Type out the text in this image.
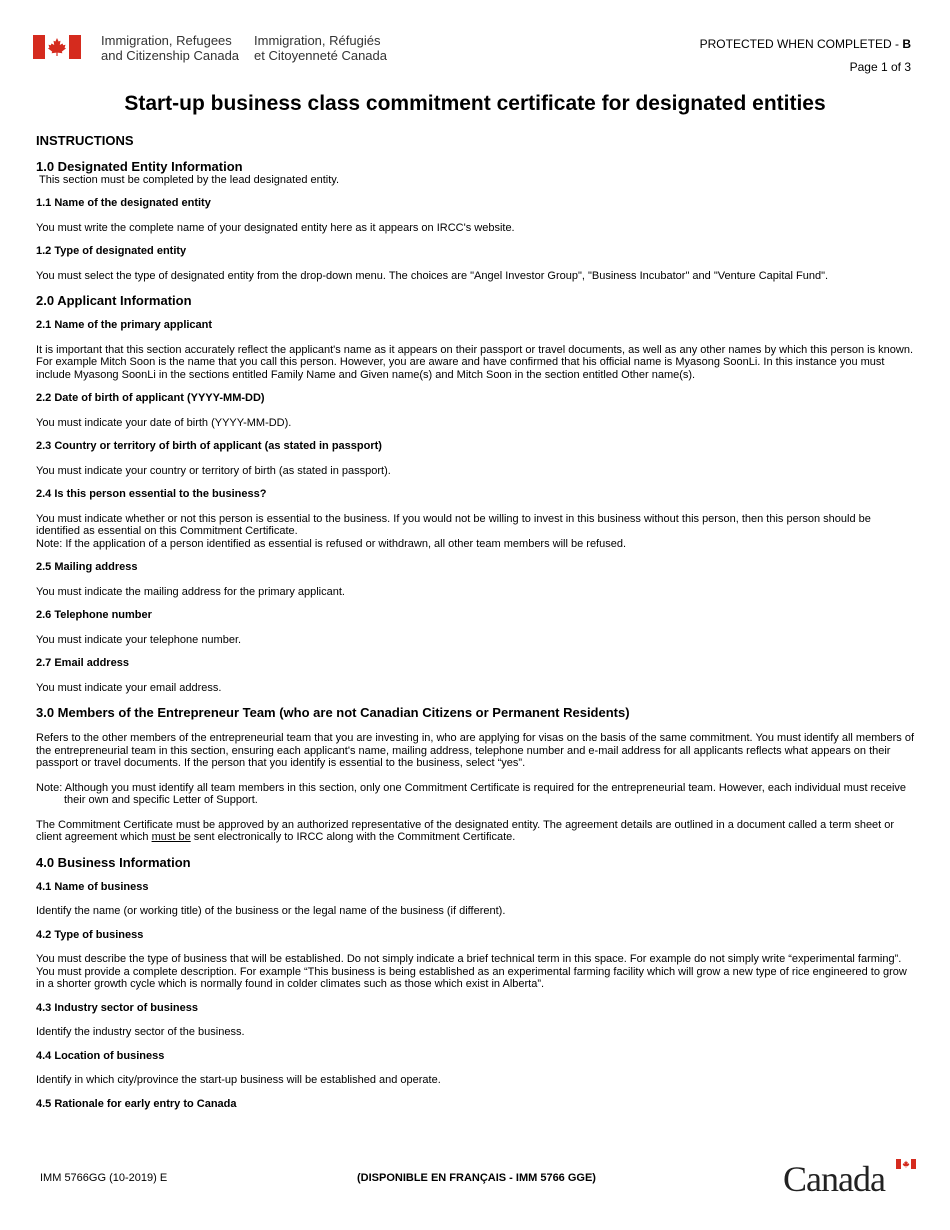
Immigration, Refugees
and Citizenship Canada
Immigration, Réfugiés
et Citoyenneté Canada
PROTECTED WHEN COMPLETED - B
Page 1 of 3
Start-up business class commitment certificate for designated entities

INSTRUCTIONS

1.0 Designated Entity Information

This section must be completed by the lead designated entity.

1.1 Name of the designated entity

You must write the complete name of your designated entity here as it appears on IRCC's website.

1.2 Type of designated entity

You must select the type of designated entity from the drop-down menu. The choices are "Angel Investor Group", "Business Incubator" and "Venture Capital Fund".

2.0 Applicant Information

2.1 Name of the primary applicant

It is important that this section accurately reflect the applicant's name as it appears on their passport or travel documents, as well as any other names by which this person is known. For example Mitch Soon is the name that you call this person. However, you are aware and have confirmed that his official name is Myasong SoonLi. In this instance you must include Myasong SoonLi in the sections entitled Family Name and Given name(s) and Mitch Soon in the section entitled Other name(s).

2.2 Date of birth of applicant (YYYY-MM-DD)

You must indicate your date of birth (YYYY-MM-DD).

2.3 Country or territory of birth of applicant (as stated in passport)

You must indicate your country or territory of birth (as stated in passport).

2.4 Is this person essential to the business?

You must indicate whether or not this person is essential to the business. If you would not be willing to invest in this business without this person, then this person should be identified as essential on this Commitment Certificate.

Note: If the application of a person identified as essential is refused or withdrawn, all other team members will be refused.

2.5 Mailing address

You must indicate the mailing address for the primary applicant.

2.6 Telephone number

You must indicate your telephone number.

2.7 Email address

You must indicate your email address.

3.0 Members of the Entrepreneur Team (who are not Canadian Citizens or Permanent Residents)

Refers to the other members of the entrepreneurial team that you are investing in, who are applying for visas on the basis of the same commitment. You must identify all members of the entrepreneurial team in this section, ensuring each applicant's name, mailing address, telephone number and e-mail address for all applicants reflects what appears on their passport or travel documents. If the person that you identify is essential to the business, select “yes”.

Note: Although you must identify all team members in this section, only one Commitment Certificate is required for the entrepreneurial team. However, each individual must receive their own and specific Letter of Support.

The Commitment Certificate must be approved by an authorized representative of the designated entity. The agreement details are outlined in a document called a term sheet or client agreement which must be sent electronically to IRCC along with the Commitment Certificate.

4.0 Business Information

4.1 Name of business

Identify the name (or working title) of the business or the legal name of the business (if different).

4.2 Type of business

You must describe the type of business that will be established. Do not simply indicate a brief technical term in this space. For example do not simply write “experimental farming”. You must provide a complete description. For example “This business is being established as an experimental farming facility which will grow a new type of rice engineered to grow in a shorter growth cycle which is normally found in colder climates such as those which exist in Alberta”.

4.3 Industry sector of business

Identify the industry sector of the business.

4.4 Location of business

Identify in which city/province the start-up business will be established and operate.

4.5 Rationale for early entry to Canada

IMM 5766GG (10-2019) E	(DISPONIBLE EN FRANÇAIS - IMM 5766 GGE)	Canada
